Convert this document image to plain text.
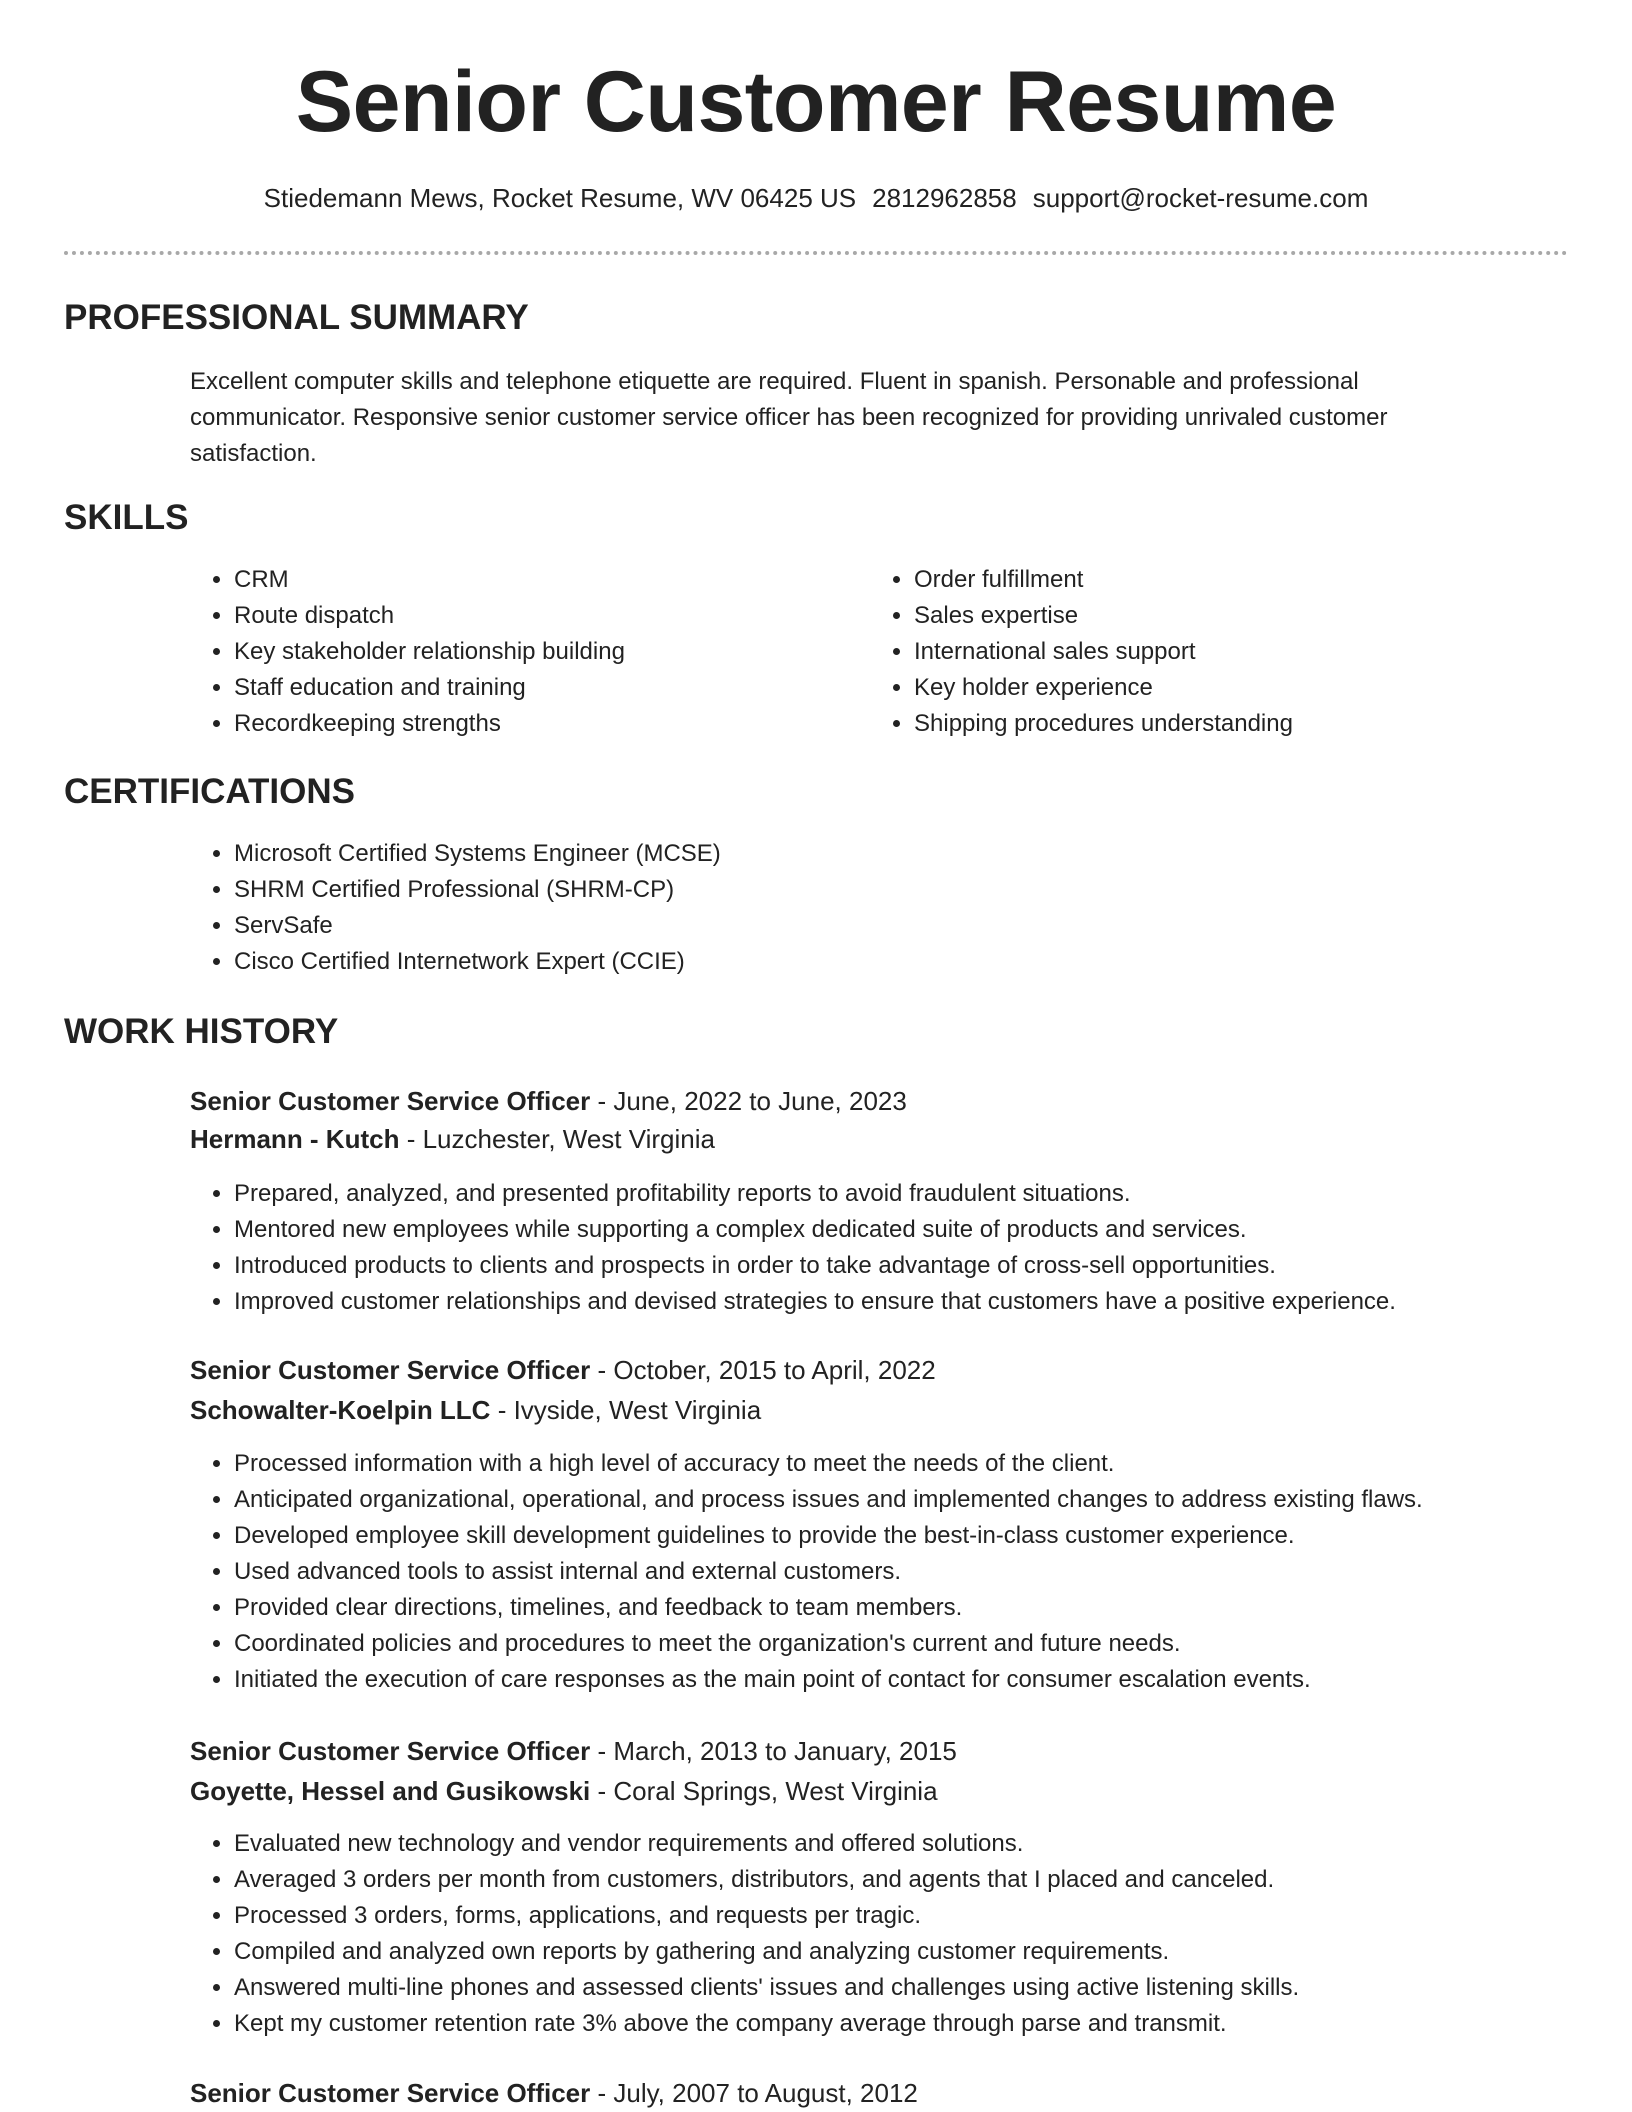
Senior Customer Resume
Stiedemann Mews, Rocket Resume, WV 06425 US 2812962858 support@rocket-resume.com
PROFESSIONAL SUMMARY
Excellent computer skills and telephone etiquette are required. Fluent in spanish. Personable and professional communicator. Responsive senior customer service officer has been recognized for providing unrivaled customer satisfaction.
SKILLS
• CRM
• Route dispatch
• Key stakeholder relationship building
• Staff education and training
• Recordkeeping strengths
• Order fulfillment
• Sales expertise
• International sales support
• Key holder experience
• Shipping procedures understanding
CERTIFICATIONS
• Microsoft Certified Systems Engineer (MCSE)
• SHRM Certified Professional (SHRM-CP)
• ServSafe
• Cisco Certified Internetwork Expert (CCIE)
WORK HISTORY
Senior Customer Service Officer - June, 2022 to June, 2023
Hermann - Kutch - Luzchester, West Virginia
• Prepared, analyzed, and presented profitability reports to avoid fraudulent situations.
• Mentored new employees while supporting a complex dedicated suite of products and services.
• Introduced products to clients and prospects in order to take advantage of cross-sell opportunities.
• Improved customer relationships and devised strategies to ensure that customers have a positive experience.
Senior Customer Service Officer - October, 2015 to April, 2022
Schowalter-Koelpin LLC - Ivyside, West Virginia
• Processed information with a high level of accuracy to meet the needs of the client.
• Anticipated organizational, operational, and process issues and implemented changes to address existing flaws.
• Developed employee skill development guidelines to provide the best-in-class customer experience.
• Used advanced tools to assist internal and external customers.
• Provided clear directions, timelines, and feedback to team members.
• Coordinated policies and procedures to meet the organization's current and future needs.
• Initiated the execution of care responses as the main point of contact for consumer escalation events.
Senior Customer Service Officer - March, 2013 to January, 2015
Goyette, Hessel and Gusikowski - Coral Springs, West Virginia
• Evaluated new technology and vendor requirements and offered solutions.
• Averaged 3 orders per month from customers, distributors, and agents that I placed and canceled.
• Processed 3 orders, forms, applications, and requests per tragic.
• Compiled and analyzed own reports by gathering and analyzing customer requirements.
• Answered multi-line phones and assessed clients' issues and challenges using active listening skills.
• Kept my customer retention rate 3% above the company average through parse and transmit.
Senior Customer Service Officer - July, 2007 to August, 2012
